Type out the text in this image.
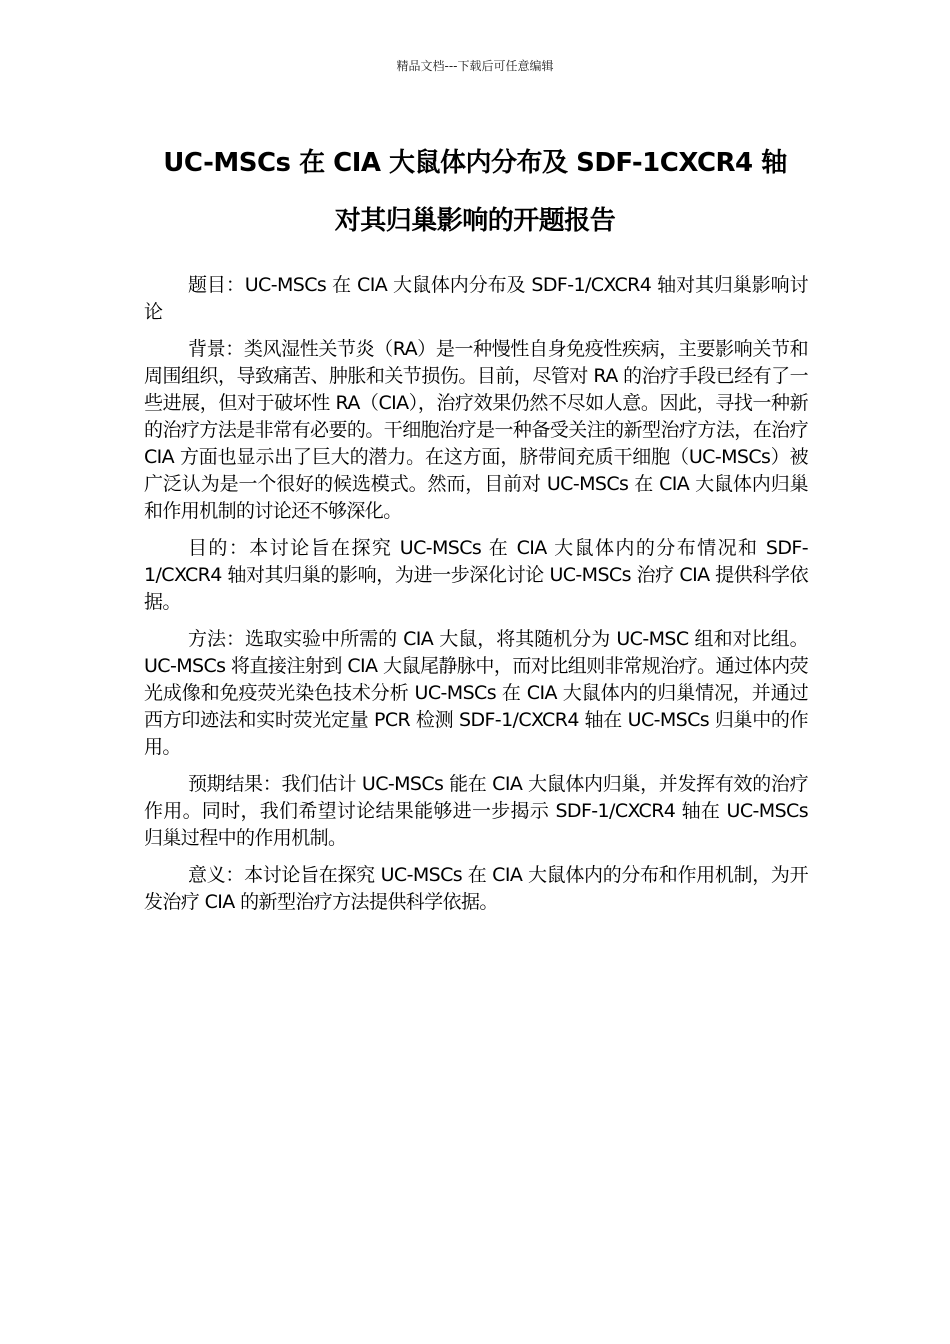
精品文档---下载后可任意编辑
UC-MSCs 在 CIA 大鼠体内分布及 SDF-1CXCR4 轴
对其归巢影响的开题报告

题目：UC-MSCs 在 CIA 大鼠体内分布及 SDF-1/CXCR4 轴对其归巢影响讨论

背景：类风湿性关节炎（RA）是一种慢性自身免疫性疾病，主要影响关节和周围组织，导致痛苦、肿胀和关节损伤。目前，尽管对 RA 的治疗手段已经有了一些进展，但对于破坏性 RA（CIA），治疗效果仍然不尽如人意。因此，寻找一种新的治疗方法是非常有必要的。干细胞治疗是一种备受关注的新型治疗方法，在治疗 CIA 方面也显示出了巨大的潜力。在这方面，脐带间充质干细胞（UC-MSCs）被广泛认为是一个很好的候选模式。然而，目前对 UC-MSCs 在 CIA 大鼠体内归巢和作用机制的讨论还不够深化。

目的：本讨论旨在探究 UC-MSCs 在 CIA 大鼠体内的分布情况和 SDF-1/CXCR4 轴对其归巢的影响，为进一步深化讨论 UC-MSCs 治疗 CIA 提供科学依据。

方法：选取实验中所需的 CIA 大鼠，将其随机分为 UC-MSC 组和对比组。UC-MSCs 将直接注射到 CIA 大鼠尾静脉中，而对比组则非常规治疗。通过体内荧光成像和免疫荧光染色技术分析 UC-MSCs 在 CIA 大鼠体内的归巢情况，并通过西方印迹法和实时荧光定量 PCR 检测 SDF-1/CXCR4 轴在 UC-MSCs 归巢中的作用。

预期结果：我们估计 UC-MSCs 能在 CIA 大鼠体内归巢，并发挥有效的治疗作用。同时，我们希望讨论结果能够进一步揭示 SDF-1/CXCR4 轴在 UC-MSCs 归巢过程中的作用机制。

意义：本讨论旨在探究 UC-MSCs 在 CIA 大鼠体内的分布和作用机制，为开发治疗 CIA 的新型治疗方法提供科学依据。
